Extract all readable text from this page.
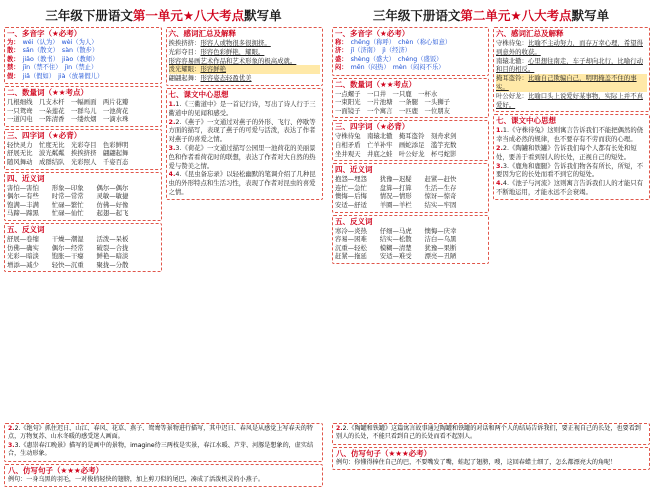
三年级下册语文第一单元★八大考点默写单
一、多音字（★必考）
为： wéi（认为） wèi（为人）
散： sǎn（散文） sàn（散步）
教： jiāo（教书） jiào（教师）
禁： jīn（禁不住） jìn（禁止）
假： jiǎ（假如） jià（放暑假儿）
二、数量词（★★考点）
几根细线　几支木杆　一幅画面　两片花瓣
一只鸳鸯　一朵莲花　一群鸟儿　一池荷花
一道闪电　一阵清香　一缕炊烟　一滴水珠
三、四字词（★必背）
轻快灵力　忙度无比　光彩夺目　色彩鲜明
舒展无比　波光粼粼　挨挨挤挤　翩翩起舞
随风舞动　成群结队　光彩照人　千姿百态
四、近义词
害怕—害怕　　形象—印象　　偶尔—偶尔
偶尔—有些　　时常—常常　　灵敏—敏捷
饱满—丰满　　忙碌—繁忙　　仿佛—好像
马蹄—蹄黑　　忙碌—仙忙　　起翅—起飞
五、反义词
舒展—卷缩　　干燥—潮湿　　活泼—呆板
仿佛—确实　　偶尔—经常　　破裂—合拢
光彩—暗淡　　饱胀—干瘪　　鲜艳—暗淡
增添—减少　　轻快—沉重　　聚拢—分散
六、感词汇总及解释
挨挨挤挤：形容人或物很多很拥挤。
光彩夺目：形容色彩鲜艳，耀眼。
形容容易画艺术作品和艺术形象的极高成就。
泼光耀眼：形容鲜艳
翩翩起舞：形容姿态轻盈优美
七、课文中心思想
1.1.《三衢道中》是一首记行诗，写出了诗人行于三衢道中的见闻和感受。
2.2.《燕子》一文通过对燕子的外形、飞行、停歇等方面的描写，表现了燕子的可爱与活泼，表达了作者对燕子的喜爱之情。
3.3.《荷花》一文通过描写公园里一池荷花的美丽景色和作者看荷花时的联想，表达了作者对大自然的热爱与赞美之情。
4.4.《昆虫备忘录》以轻松幽默的笔调介绍了几种昆虫的外形特点和生活习性，表现了作者对昆虫的喜爱之情。
2.2.《绝句》抓住迟日、山江、春风、花草、燕子、鸳鸯等景物进行描写，其中迟日、春风是从感觉上写春天的特点，万物复苏、山水冬暖的感受迷人画面。
3.3.《惠崇春江晚景》描写的是画中的景物，imagine待三两枝是实景，春江水暖、芦芽、河豚是想象的，虚实结合，生动形象。
八、仿写句子（★★★必考）
例句：一身乌黑的羽毛，一对俊俏轻快的翅膀，加上剪刀似的尾巴，凑成了活泼机灵的小燕子。
三年级下册语文第二单元★八大考点默写单
一、多音字（★必考）
称： chēng（称呼） chèn（称心如意）
济： jǐ（济南） jì（经济）
盛： shèng（盛大） chéng（盛饭）
闷： mēn（闷热） mèn（闷闷不乐）
二、数量词（★★考点）
一点螺子　一口井　一只鹿　一杯水
一束阳光　一片池塘　一条腿　一头狮子
一面镜子　一个寓言　一匹鹿　一位朋友
三、四字词（★必背）
守株待兔　南辕北辙　掩耳盗铃　刻舟求剑
自相矛盾　亡羊补牢　画蛇添足　滥竽充数
坐井观天　井底之蛙　叶公好龙　杯弓蛇影
四、近义词
抱怨—埋怨　　犹豫—迟疑　　赶紧—赶快
连忙—急忙　　盘算—打算　　生活—生存
懊悔—后悔　　情况—情形　　惊讶—惊奇
安适—舒适　　羊圈—羊栏　　结实—牢固
五、反义词
寒冷—炎热　　仔细—马虎　　懊悔—庆幸
容易—困难　　结实—松散　　洁白—乌黑
沉重—轻松　　模糊—清楚　　犹豫—果断
赶紧—拖延　　安适—难受　　漂亮—丑陋
六、感词汇总及解释
守株待兔：比喻不主动努力，而存万幸心理，希望得到意外的收获。
南辕北辙：心里想往南走，车子却向北行，比喻行动和目的相反。
掩耳盗铃：比喻自己欺骗自己，明明掩盖不住的事实。
叶公好龙：比喻口头上说爱好某事物，实际上并不真爱好。
七、课文中心思想
1.1.《守株待兔》这则寓言告诉我们不能把偶然的侥幸当成必然的规律，也不要存有不劳而获的心理。
2.2.《陶罐和铁罐》告诉我们每个人都有长处和短处，要善于看到别人的长处，正视自己的短处。
3.3.《鹿角和鹿腿》告诉我们物各有所长，所短，不要因为它的长处而看不到它的短处。
4.4.《池子与河流》这则寓言告诉我们人的才能只有不断地运用，才能永远不会衰竭。
2.2.《陶罐和铁罐》这篇寓言故事通过陶罐和铁罐的对话和两个人的结局告诉我们，要正视自己的长处，也要看到别人的长处，不能只看到自己的长处而看不起别人。
八、仿写句子（★★★必考）
例句：你懂得捧住自己的巴，不要嘴发了嘴，蛙起了翅膀，嗖，这回春蜡土细了，怎么都漂亮大的角呢！
